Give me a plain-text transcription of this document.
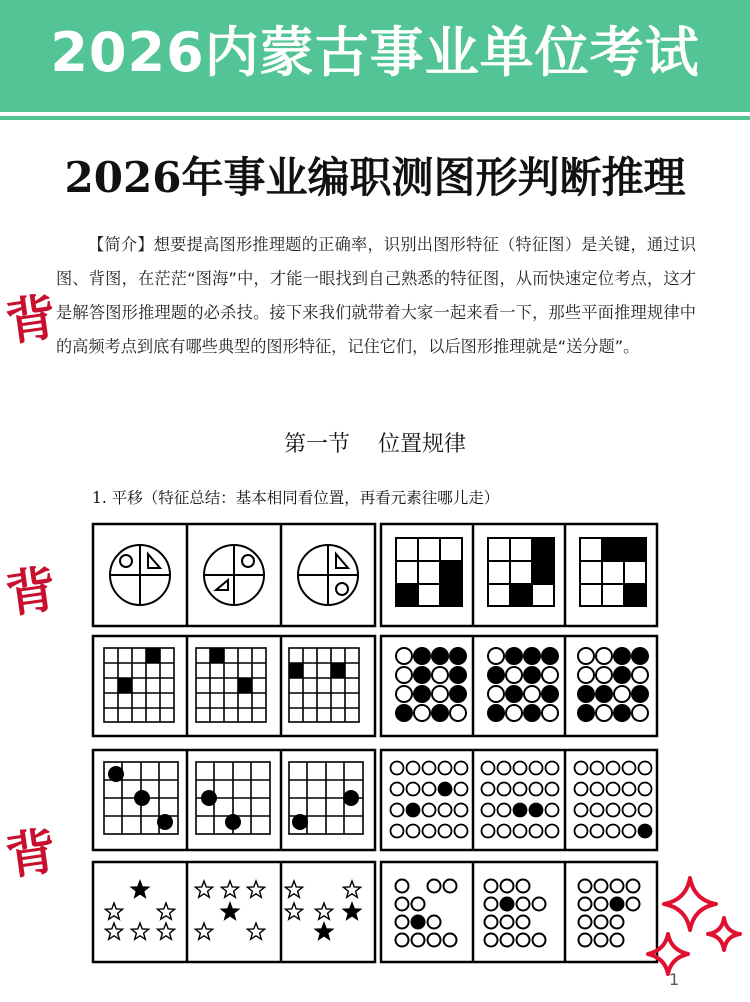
2026内蒙古事业单位考试
2026年事业编职测图形判断推理
【简介】想要提高图形推理题的正确率，识别出图形特征（特征图）是关键，通过识图、背图，在茫茫“图海”中，才能一眼找到自己熟悉的特征图，从而快速定位考点，这才是解答图形推理题的必杀技。接下来我们就带着大家一起来看一下，那些平面推理规律中的高频考点到底有哪些典型的图形特征，记住它们，以后图形推理就是“送分题”。
第一节 位置规律
1. 平移（特征总结：基本相同看位置，再看元素往哪儿走）
背
背
背
1
